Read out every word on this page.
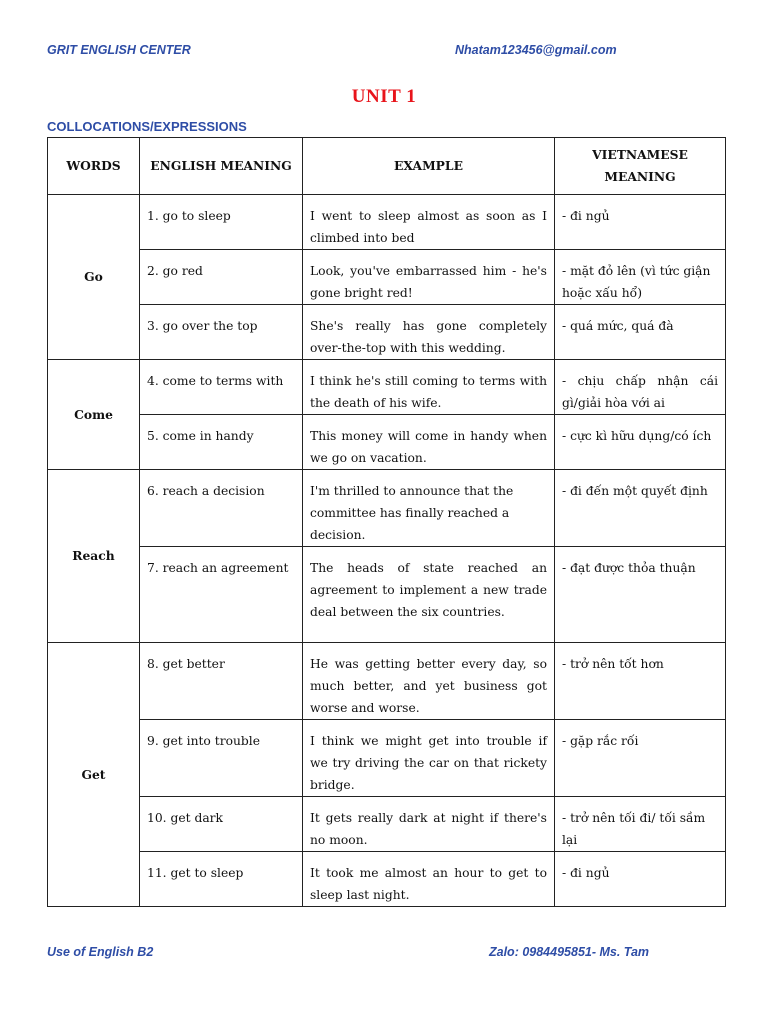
GRIT ENGLISH CENTER	Nhatam123456@gmail.com
UNIT 1
COLLOCATIONS/EXPRESSIONS
WORDS	ENGLISH MEANING	EXAMPLE	VIETNAMESE MEANING
Go	1. go to sleep	I went to sleep almost as soon as I climbed into bed	- đi ngủ
	2. go red	Look, you've embarrassed him - he's gone bright red!	- mặt đỏ lên (vì tức giận hoặc xấu hổ)
	3. go over the top	She's really has gone completely over-the-top with this wedding.	- quá mức, quá đà
Come	4. come to terms with	I think he's still coming to terms with the death of his wife.	- chịu chấp nhận cái gì/giải hòa với ai
	5. come in handy	This money will come in handy when we go on vacation.	- cực kì hữu dụng/có ích
Reach	6. reach a decision	I'm thrilled to announce that the committee has finally reached a decision.	- đi đến một quyết định
	7. reach an agreement	The heads of state reached an agreement to implement a new trade deal between the six countries.	- đạt được thỏa thuận
Get	8. get better	He was getting better every day, so much better, and yet business got worse and worse.	- trở nên tốt hơn
	9. get into trouble	I think we might get into trouble if we try driving the car on that rickety bridge.	- gặp rắc rối
	10. get dark	It gets really dark at night if there's no moon.	- trở nên tối đi/ tối sầm lại
	11. get to sleep	It took me almost an hour to get to sleep last night.	- đi ngủ
Use of English B2	Zalo: 0984495851- Ms. Tam
